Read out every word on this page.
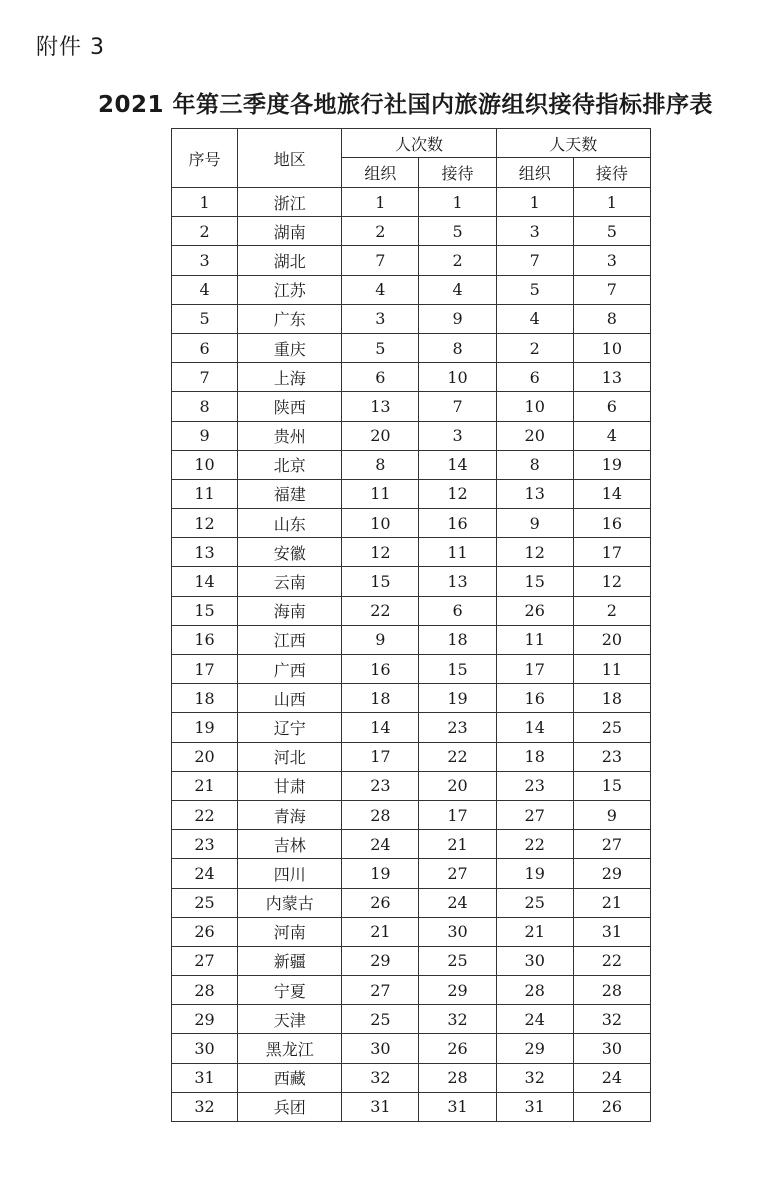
附件 3
2021 年第三季度各地旅行社国内旅游组织接待指标排序表
序号	地区	人次数		人天数	
		组织	接待	组织	接待
1	浙江	1	1	1	1
2	湖南	2	5	3	5
3	湖北	7	2	7	3
4	江苏	4	4	5	7
5	广东	3	9	4	8
6	重庆	5	8	2	10
7	上海	6	10	6	13
8	陕西	13	7	10	6
9	贵州	20	3	20	4
10	北京	8	14	8	19
11	福建	11	12	13	14
12	山东	10	16	9	16
13	安徽	12	11	12	17
14	云南	15	13	15	12
15	海南	22	6	26	2
16	江西	9	18	11	20
17	广西	16	15	17	11
18	山西	18	19	16	18
19	辽宁	14	23	14	25
20	河北	17	22	18	23
21	甘肃	23	20	23	15
22	青海	28	17	27	9
23	吉林	24	21	22	27
24	四川	19	27	19	29
25	内蒙古	26	24	25	21
26	河南	21	30	21	31
27	新疆	29	25	30	22
28	宁夏	27	29	28	28
29	天津	25	32	24	32
30	黑龙江	30	26	29	30
31	西藏	32	28	32	24
32	兵团	31	31	31	26
